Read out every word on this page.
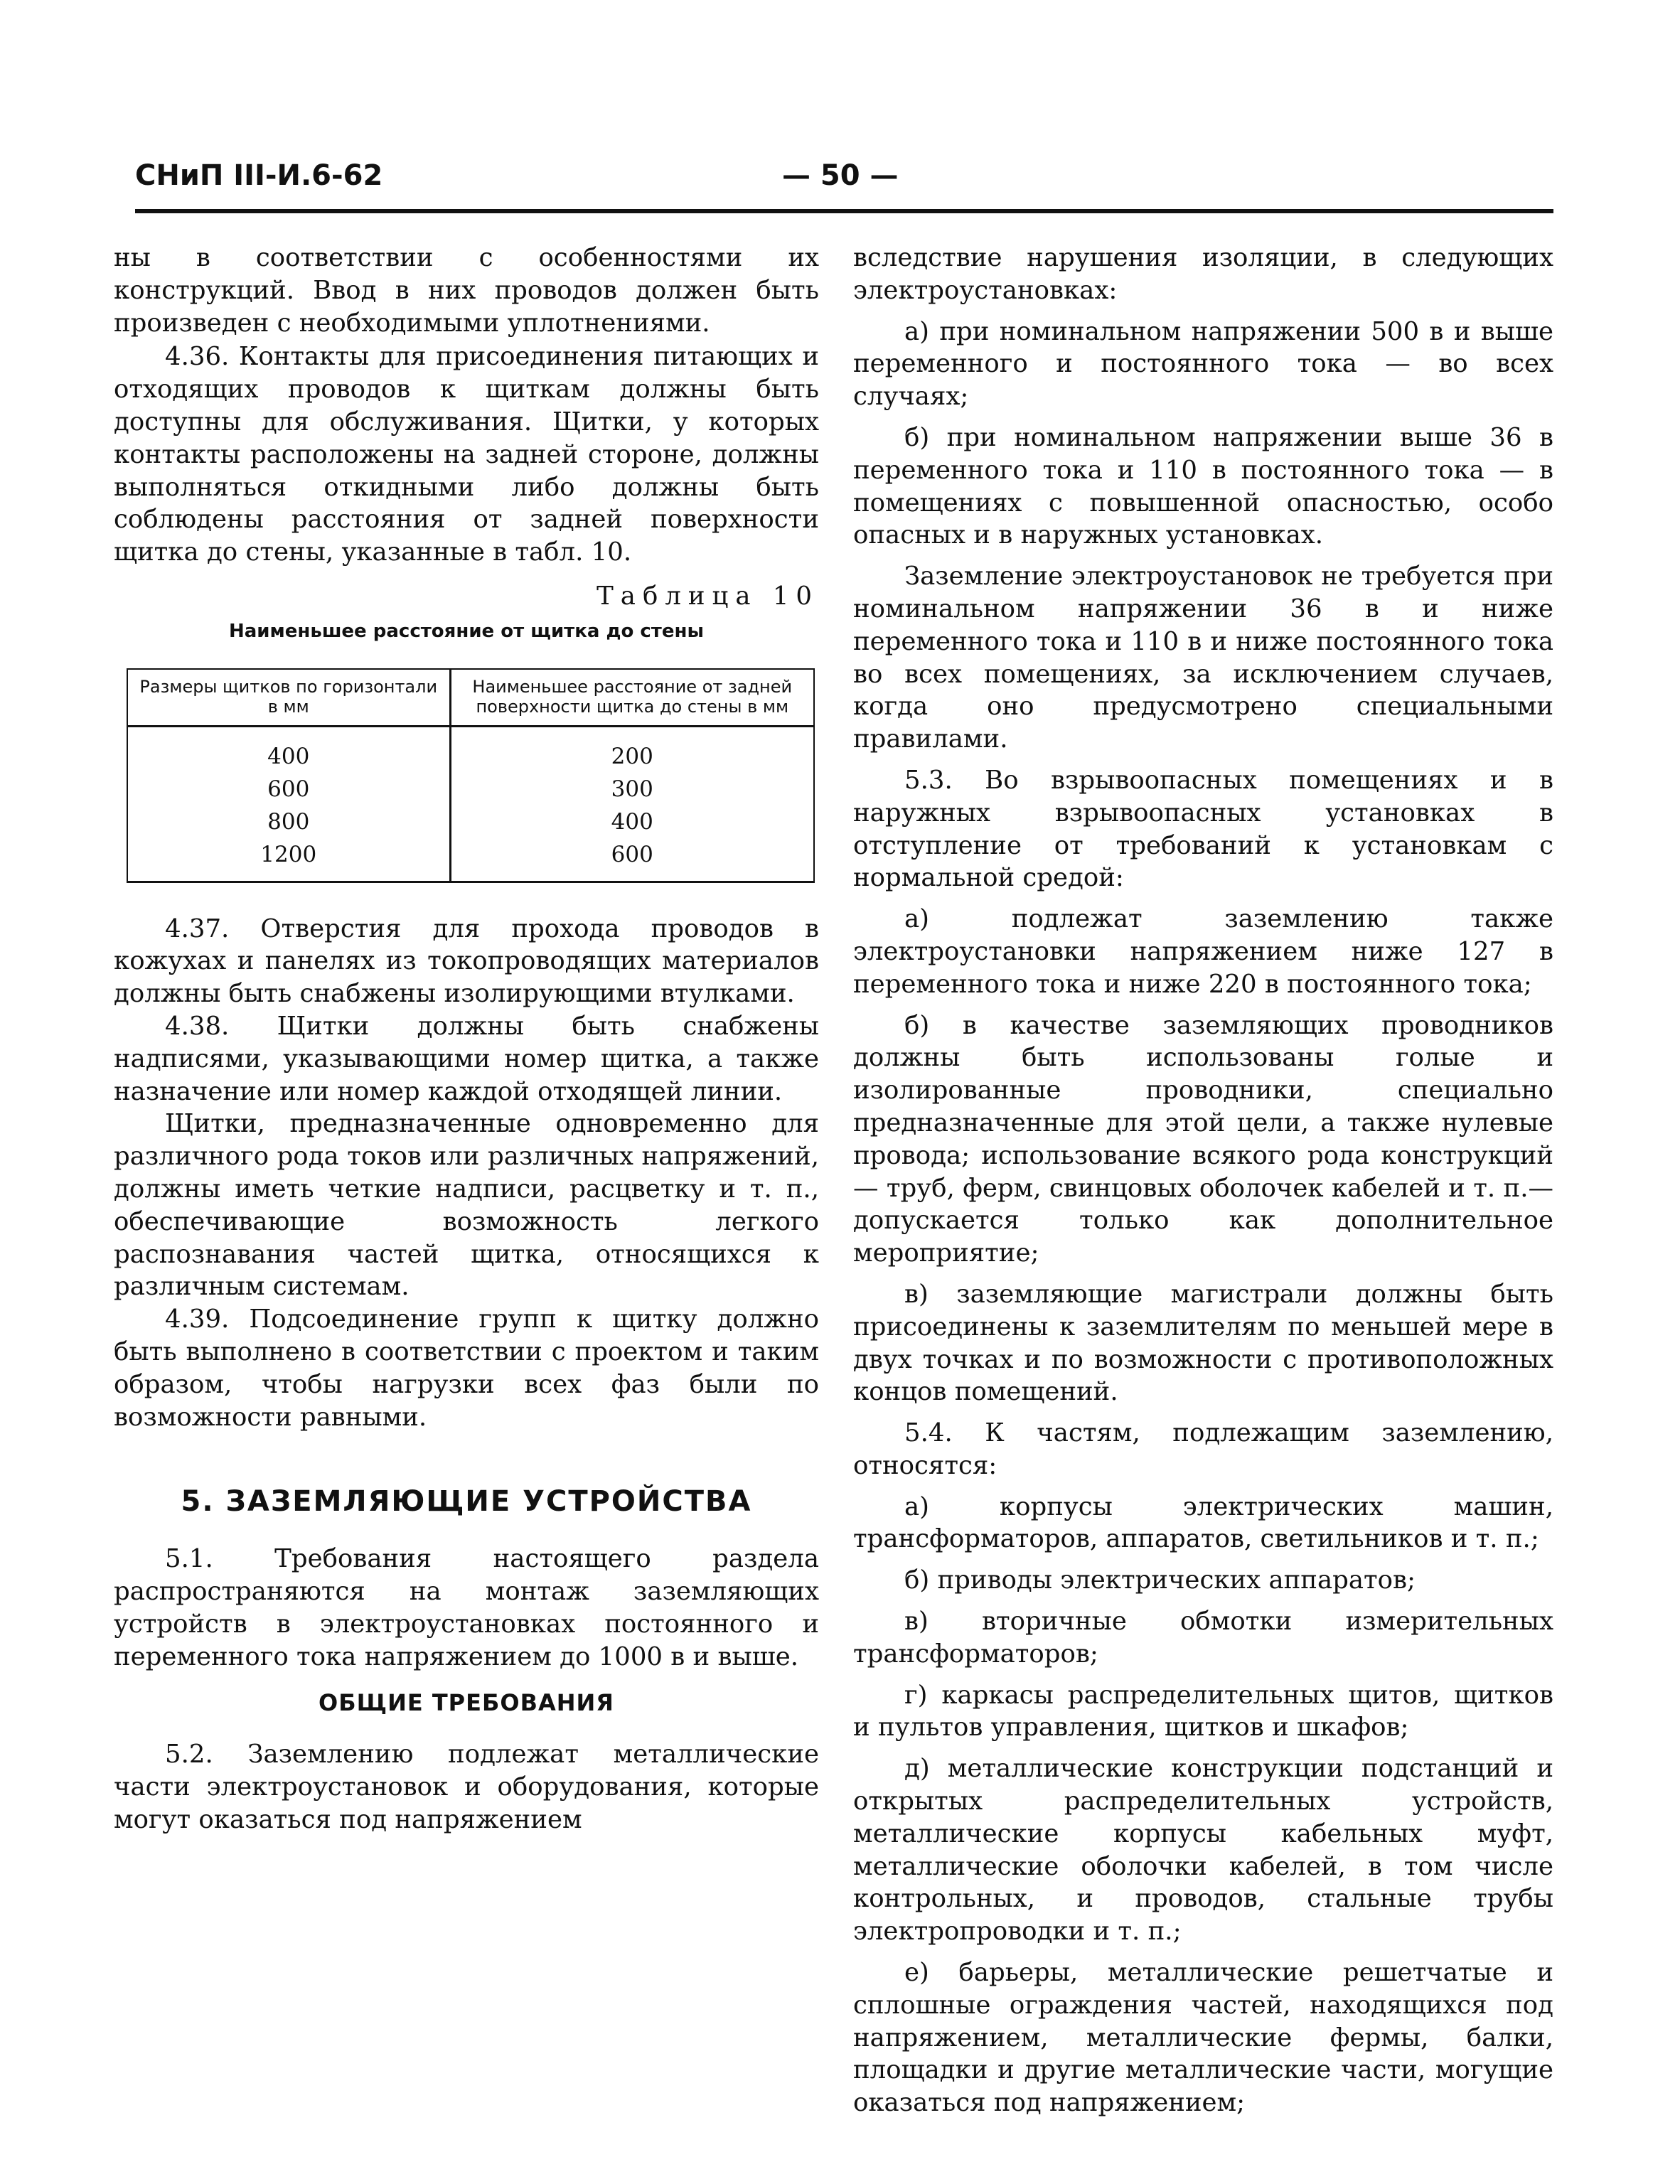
СНиП III-И.6-62	— 50 —

ны в соответствии с особенностями их конструкций. Ввод в них проводов должен быть произведен с необходимыми уплотнениями.

4.36. Контакты для присоединения питающих и отходящих проводов к щиткам должны быть доступны для обслуживания. Щитки, у которых контакты расположены на задней стороне, должны выполняться откидными либо должны быть соблюдены расстояния от задней поверхности щитка до стены, указанные в табл. 10.

Таблица 10
Наименьшее расстояние от щитка до стены
Размеры щитков по горизонтали в мм	Наименьшее расстояние от задней поверхности щитка до стены в мм
400	200
600	300
800	400
1200	600

4.37. Отверстия для прохода проводов в кожухах и панелях из токопроводящих материалов должны быть снабжены изолирующими втулками.

4.38. Щитки должны быть снабжены надписями, указывающими номер щитка, а также назначение или номер каждой отходящей линии.

Щитки, предназначенные одновременно для различного рода токов или различных напряжений, должны иметь четкие надписи, расцветку и т. п., обеспечивающие возможность легкого распознавания частей щитка, относящихся к различным системам.

4.39. Подсоединение групп к щитку должно быть выполнено в соответствии с проектом и таким образом, чтобы нагрузки всех фаз были по возможности равными.

5. ЗАЗЕМЛЯЮЩИЕ УСТРОЙСТВА

5.1. Требования настоящего раздела распространяются на монтаж заземляющих устройств в электроустановках постоянного и переменного тока напряжением до 1000 в и выше.

ОБЩИЕ ТРЕБОВАНИЯ

5.2. Заземлению подлежат металлические части электроустановок и оборудования, которые могут оказаться под напряжением

вследствие нарушения изоляции, в следующих электроустановках:

а) при номинальном напряжении 500 в и выше переменного и постоянного тока — во всех случаях;

б) при номинальном напряжении выше 36 в переменного тока и 110 в постоянного тока — в помещениях с повышенной опасностью, особо опасных и в наружных установках.

Заземление электроустановок не требуется при номинальном напряжении 36 в и ниже переменного тока и 110 в и ниже постоянного тока во всех помещениях, за исключением случаев, когда оно предусмотрено специальными правилами.

5.3. Во взрывоопасных помещениях и в наружных взрывоопасных установках в отступление от требований к установкам с нормальной средой:

а) подлежат заземлению также электроустановки напряжением ниже 127 в переменного тока и ниже 220 в постоянного тока;

б) в качестве заземляющих проводников должны быть использованы голые и изолированные проводники, специально предназначенные для этой цели, а также нулевые провода; использование всякого рода конструкций — труб, ферм, свинцовых оболочек кабелей и т. п.— допускается только как дополнительное мероприятие;

в) заземляющие магистрали должны быть присоединены к заземлителям по меньшей мере в двух точках и по возможности с противоположных концов помещений.

5.4. К частям, подлежащим заземлению, относятся:

а) корпусы электрических машин, трансформаторов, аппаратов, светильников и т. п.;

б) приводы электрических аппаратов;

в) вторичные обмотки измерительных трансформаторов;

г) каркасы распределительных щитов, щитков и пультов управления, щитков и шкафов;

д) металлические конструкции подстанций и открытых распределительных устройств, металлические корпусы кабельных муфт, металлические оболочки кабелей, в том числе контрольных, и проводов, стальные трубы электропроводки и т. п.;

е) барьеры, металлические решетчатые и сплошные ограждения частей, находящихся под напряжением, металлические фермы, балки, площадки и другие металлические части, могущие оказаться под напряжением;
